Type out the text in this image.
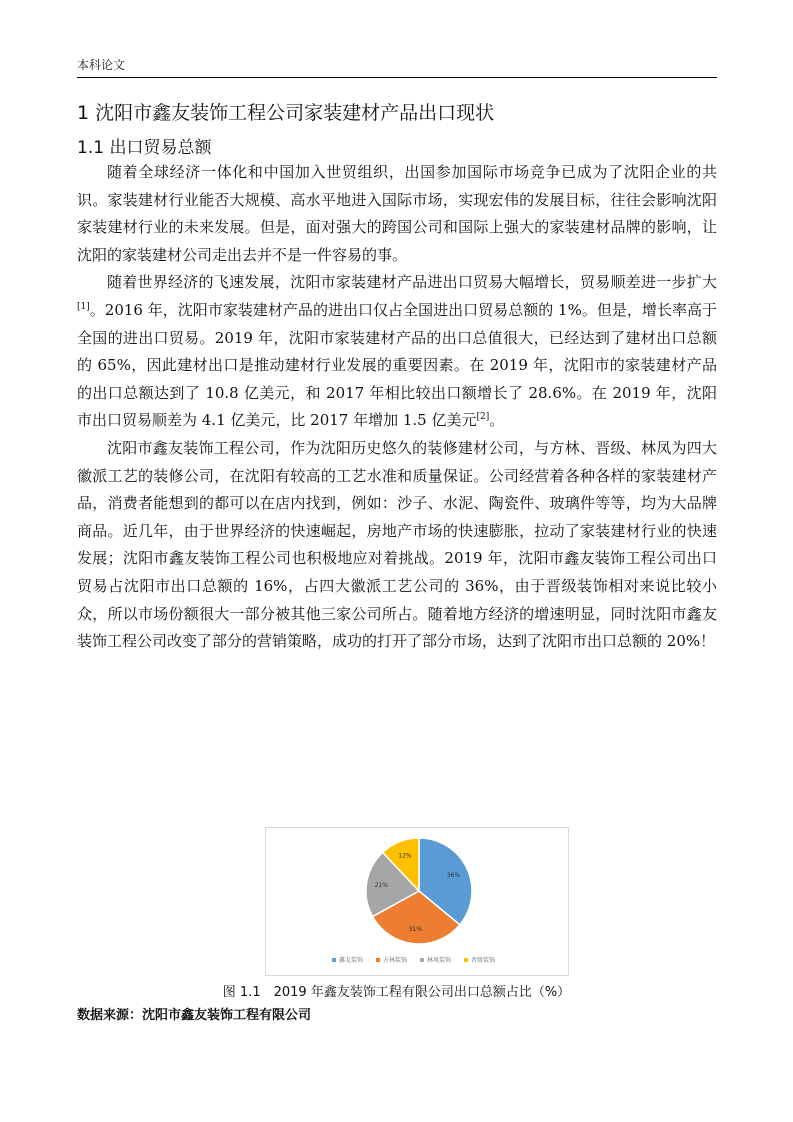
本科论文
1 沈阳市鑫友装饰工程公司家装建材产品出口现状
1.1 出口贸易总额

随着全球经济一体化和中国加入世贸组织，出国参加国际市场竞争已成为了沈阳企业的共识。家装建材行业能否大规模、高水平地进入国际市场，实现宏伟的发展目标，往往会影响沈阳家装建材行业的未来发展。但是，面对强大的跨国公司和国际上强大的家装建材品牌的影响，让沈阳的家装建材公司走出去并不是一件容易的事。

随着世界经济的飞速发展，沈阳市家装建材产品进出口贸易大幅增长，贸易顺差进一步扩大[1]。2016 年，沈阳市家装建材产品的进出口仅占全国进出口贸易总额的 1%。但是，增长率高于全国的进出口贸易。2019 年，沈阳市家装建材产品的出口总值很大，已经达到了建材出口总额的 65%，因此建材出口是推动建材行业发展的重要因素。在 2019 年，沈阳市的家装建材产品的出口总额达到了 10.8 亿美元，和 2017 年相比较出口额增长了 28.6%。在 2019 年，沈阳市出口贸易顺差为 4.1 亿美元，比 2017 年增加 1.5 亿美元[2]。

沈阳市鑫友装饰工程公司，作为沈阳历史悠久的装修建材公司，与方林、晋级、林凤为四大徽派工艺的装修公司，在沈阳有较高的工艺水准和质量保证。公司经营着各种各样的家装建材产品，消费者能想到的都可以在店内找到，例如：沙子、水泥、陶瓷件、玻璃件等等，均为大品牌商品。近几年，由于世界经济的快速崛起，房地产市场的快速膨胀，拉动了家装建材行业的快速发展；沈阳市鑫友装饰工程公司也积极地应对着挑战。2019 年，沈阳市鑫友装饰工程公司出口贸易占沈阳市出口总额的 16%，占四大徽派工艺公司的 36%，由于晋级装饰相对来说比较小众，所以市场份额很大一部分被其他三家公司所占。随着地方经济的增速明显，同时沈阳市鑫友装饰工程公司改变了部分的营销策略，成功的打开了部分市场，达到了沈阳市出口总额的 20%！

36%
31%
21%
12%
鑫友装饰	方林装饰	林凤装饰	晋级装饰
图 1.1　2019 年鑫友装饰工程有限公司出口总额占比（%）
数据来源：沈阳市鑫友装饰工程有限公司
